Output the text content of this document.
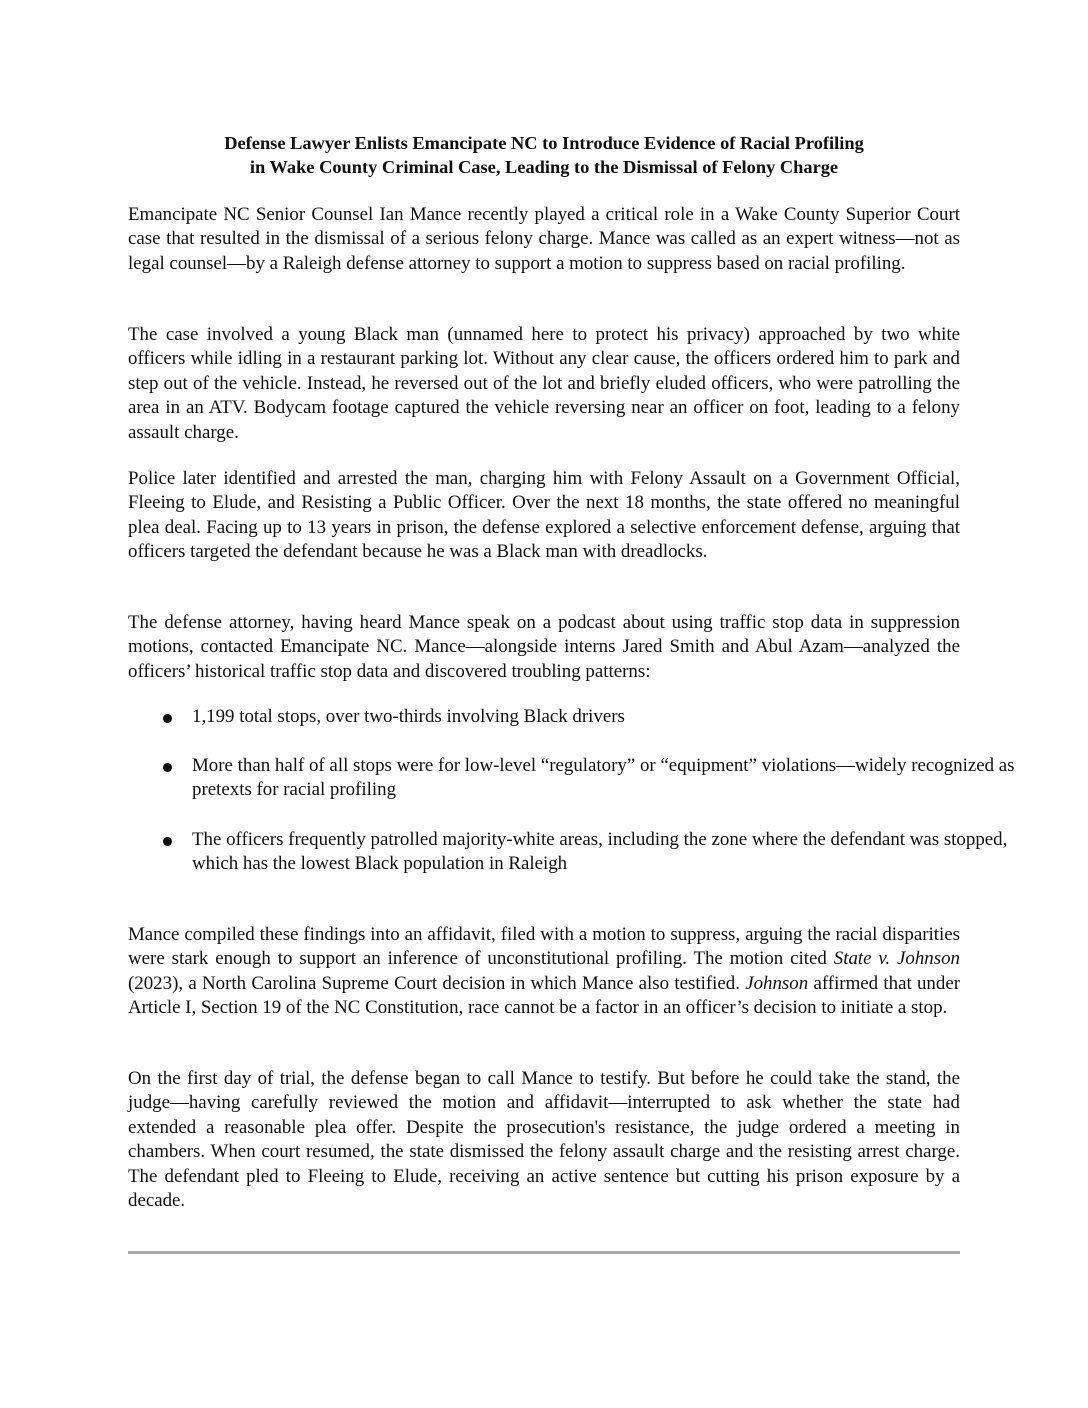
Defense Lawyer Enlists Emancipate NC to Introduce Evidence of Racial Profiling
in Wake County Criminal Case, Leading to the Dismissal of Felony Charge

Emancipate NC Senior Counsel Ian Mance recently played a critical role in a Wake County Superior Court case that resulted in the dismissal of a serious felony charge. Mance was called as an expert witness—not as legal counsel—by a Raleigh defense attorney to support a motion to suppress based on racial profiling.

The case involved a young Black man (unnamed here to protect his privacy) approached by two white officers while idling in a restaurant parking lot. Without any clear cause, the officers ordered him to park and step out of the vehicle. Instead, he reversed out of the lot and briefly eluded officers, who were patrolling the area in an ATV. Bodycam footage captured the vehicle reversing near an officer on foot, leading to a felony assault charge.

Police later identified and arrested the man, charging him with Felony Assault on a Government Official, Fleeing to Elude, and Resisting a Public Officer. Over the next 18 months, the state offered no meaningful plea deal. Facing up to 13 years in prison, the defense explored a selective enforcement defense, arguing that officers targeted the defendant because he was a Black man with dreadlocks.

The defense attorney, having heard Mance speak on a podcast about using traffic stop data in suppression motions, contacted Emancipate NC. Mance—alongside interns Jared Smith and Abul Azam—analyzed the officers’ historical traffic stop data and discovered troubling patterns:

1,199 total stops, over two-thirds involving Black drivers
More than half of all stops were for low-level “regulatory” or “equipment” violations—widely recognized as pretexts for racial profiling
The officers frequently patrolled majority-white areas, including the zone where the defendant was stopped, which has the lowest Black population in Raleigh

Mance compiled these findings into an affidavit, filed with a motion to suppress, arguing the racial disparities were stark enough to support an inference of unconstitutional profiling. The motion cited State v. Johnson (2023), a North Carolina Supreme Court decision in which Mance also testified. Johnson affirmed that under Article I, Section 19 of the NC Constitution, race cannot be a factor in an officer’s decision to initiate a stop.

On the first day of trial, the defense began to call Mance to testify. But before he could take the stand, the judge—having carefully reviewed the motion and affidavit—interrupted to ask whether the state had extended a reasonable plea offer. Despite the prosecution's resistance, the judge ordered a meeting in chambers. When court resumed, the state dismissed the felony assault charge and the resisting arrest charge. The defendant pled to Fleeing to Elude, receiving an active sentence but cutting his prison exposure by a decade.
